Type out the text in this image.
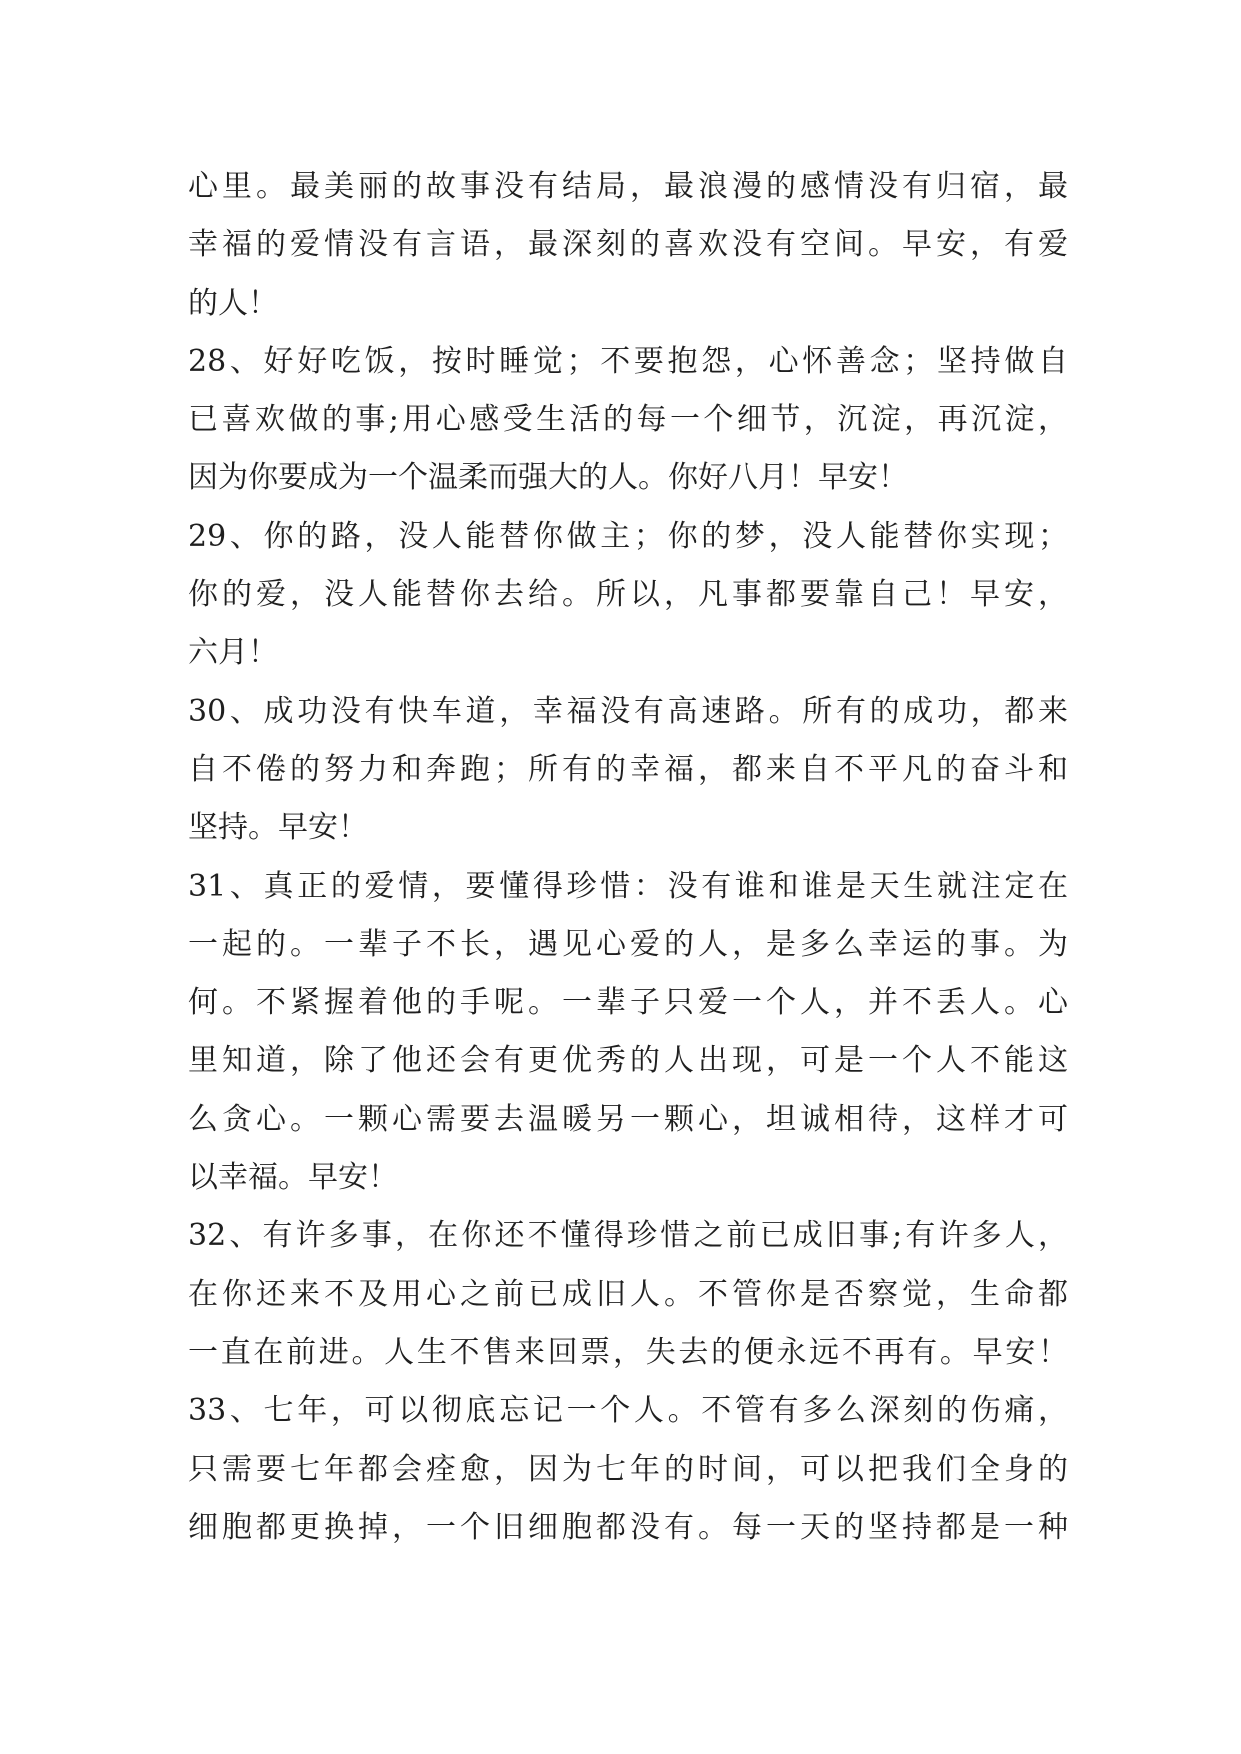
心里。最美丽的故事没有结局，最浪漫的感情没有归宿，最
幸福的爱情没有言语，最深刻的喜欢没有空间。早安，有爱
的人！
28、好好吃饭，按时睡觉；不要抱怨，心怀善念；坚持做自
已喜欢做的事;用心感受生活的每一个细节，沉淀，再沉淀，
因为你要成为一个温柔而强大的人。你好八月！早安！
29、你的路，没人能替你做主；你的梦，没人能替你实现；
你的爱，没人能替你去给。所以，凡事都要靠自己！早安，
六月！
30、成功没有快车道，幸福没有高速路。所有的成功，都来
自不倦的努力和奔跑；所有的幸福，都来自不平凡的奋斗和
坚持。早安！
31、真正的爱情，要懂得珍惜：没有谁和谁是天生就注定在
一起的。一辈子不长，遇见心爱的人，是多么幸运的事。为
何。不紧握着他的手呢。一辈子只爱一个人，并不丢人。心
里知道，除了他还会有更优秀的人出现，可是一个人不能这
么贪心。一颗心需要去温暖另一颗心，坦诚相待，这样才可
以幸福。早安！
32、有许多事，在你还不懂得珍惜之前已成旧事;有许多人，
在你还来不及用心之前已成旧人。不管你是否察觉，生命都
一直在前进。人生不售来回票，失去的便永远不再有。早安！
33、七年，可以彻底忘记一个人。不管有多么深刻的伤痛，
只需要七年都会痊愈，因为七年的时间，可以把我们全身的
细胞都更换掉，一个旧细胞都没有。每一天的坚持都是一种
